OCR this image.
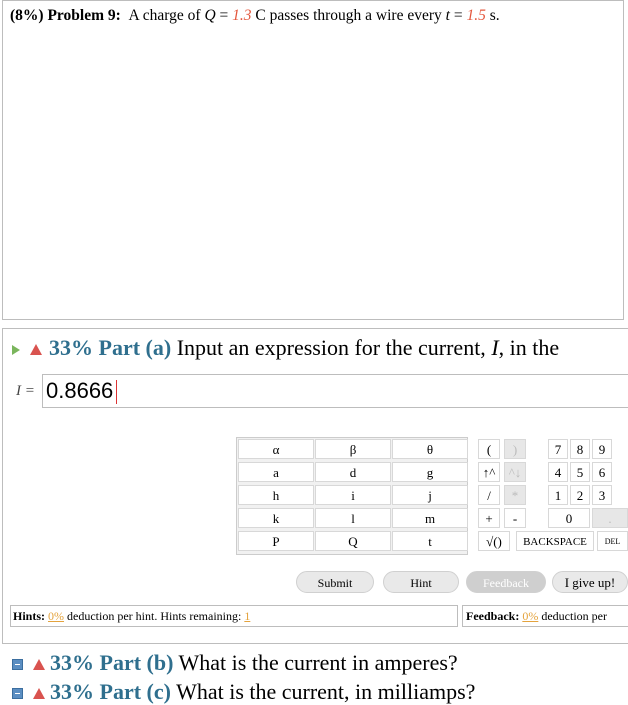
(8%) Problem 9: A charge of Q = 1.3 C passes through a wire every t = 1.5 s.
33% Part (a) Input an expression for the current, I, in the
I = 0.8666
α	β	θ
a	d	g
h	i	j
k	l	m
P	Q	t
(	)
↑^	^↓
/	*
+	-
√()
7	8	9
4	5	6
1	2	3
0	.
BACKSPACE	DEL
Submit	Hint	Feedback	I give up!
Hints: 0% deduction per hint. Hints remaining: 1	Feedback: 0% deduction per
33% Part (b) What is the current in amperes?
33% Part (c) What is the current, in milliamps?
